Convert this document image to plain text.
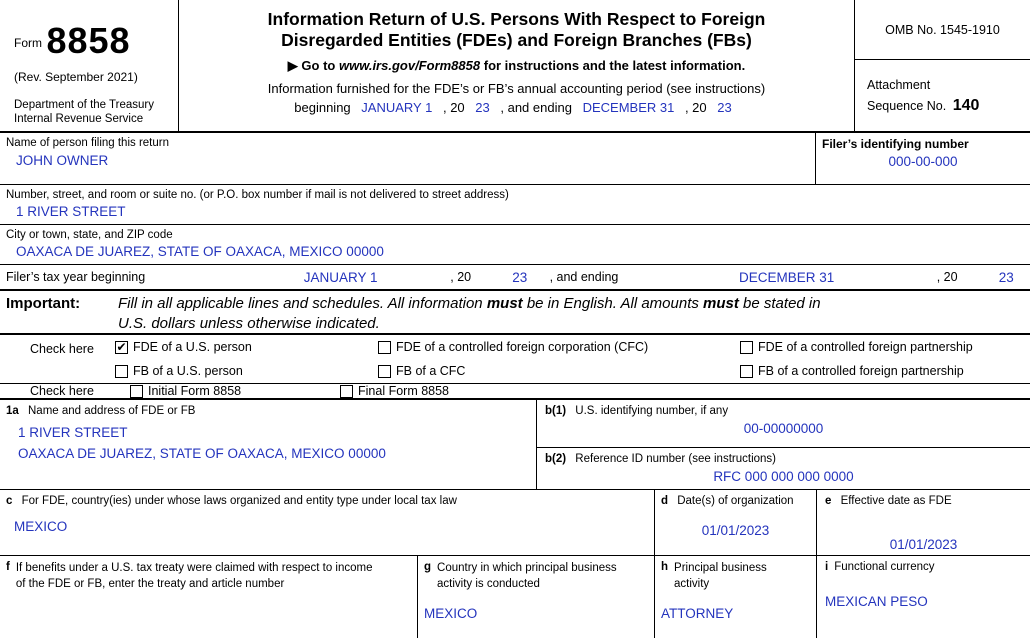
$^{Form}$ 8858
(Rev. September 2021)
Department of the Treasury
Internal Revenue Service
Information Return of U.S. Persons With Respect to Foreign
Disregarded Entities (FDEs) and Foreign Branches (FBs)
▶ Go to www.irs.gov/Form8858 for instructions and the latest information.
Information furnished for the FDE’s or FB’s annual accounting period (see instructions)
beginning JANUARY 1 , 20 23 , and ending DECEMBER 31 , 20 23
OMB No. 1545-1910
Attachment
Sequence No. 140
Name of person filing this return
JOHN OWNER
Filer’s identifying number
000-00-000
Number, street, and room or suite no. (or P.O. box number if mail is not delivered to street address)
1 RIVER STREET
City or town, state, and ZIP code
OAXACA DE JUAREZ, STATE OF OAXACA, MEXICO 00000
Filer’s tax year beginning	JANUARY 1	, 20	23	, and ending	DECEMBER 31	, 20	23
Important:	Fill in all applicable lines and schedules. All information must be in English. All amounts must be stated in
U.S. dollars unless otherwise indicated.
Check here ✔ FDE of a U.S. person	FDE of a controlled foreign corporation (CFC)	FDE of a controlled foreign partnership
FB of a U.S. person	FB of a CFC	FB of a controlled foreign partnership
Check here	Initial Form 8858	Final Form 8858
1a Name and address of FDE or FB
1 RIVER STREET
OAXACA DE JUAREZ, STATE OF OAXACA, MEXICO 00000
b(1) U.S. identifying number, if any
00-00000000
b(2) Reference ID number (see instructions)
RFC 000 000 000 0000
c For FDE, country(ies) under whose laws organized and entity type under local tax law
MEXICO
d Date(s) of organization
01/01/2023
e Effective date as FDE
01/01/2023
f If benefits under a U.S. tax treaty were claimed with respect to income of the FDE or FB, enter the treaty and article number
g Country in which principal business activity is conducted
MEXICO
h Principal business activity
ATTORNEY
i Functional currency
MEXICAN PESO
